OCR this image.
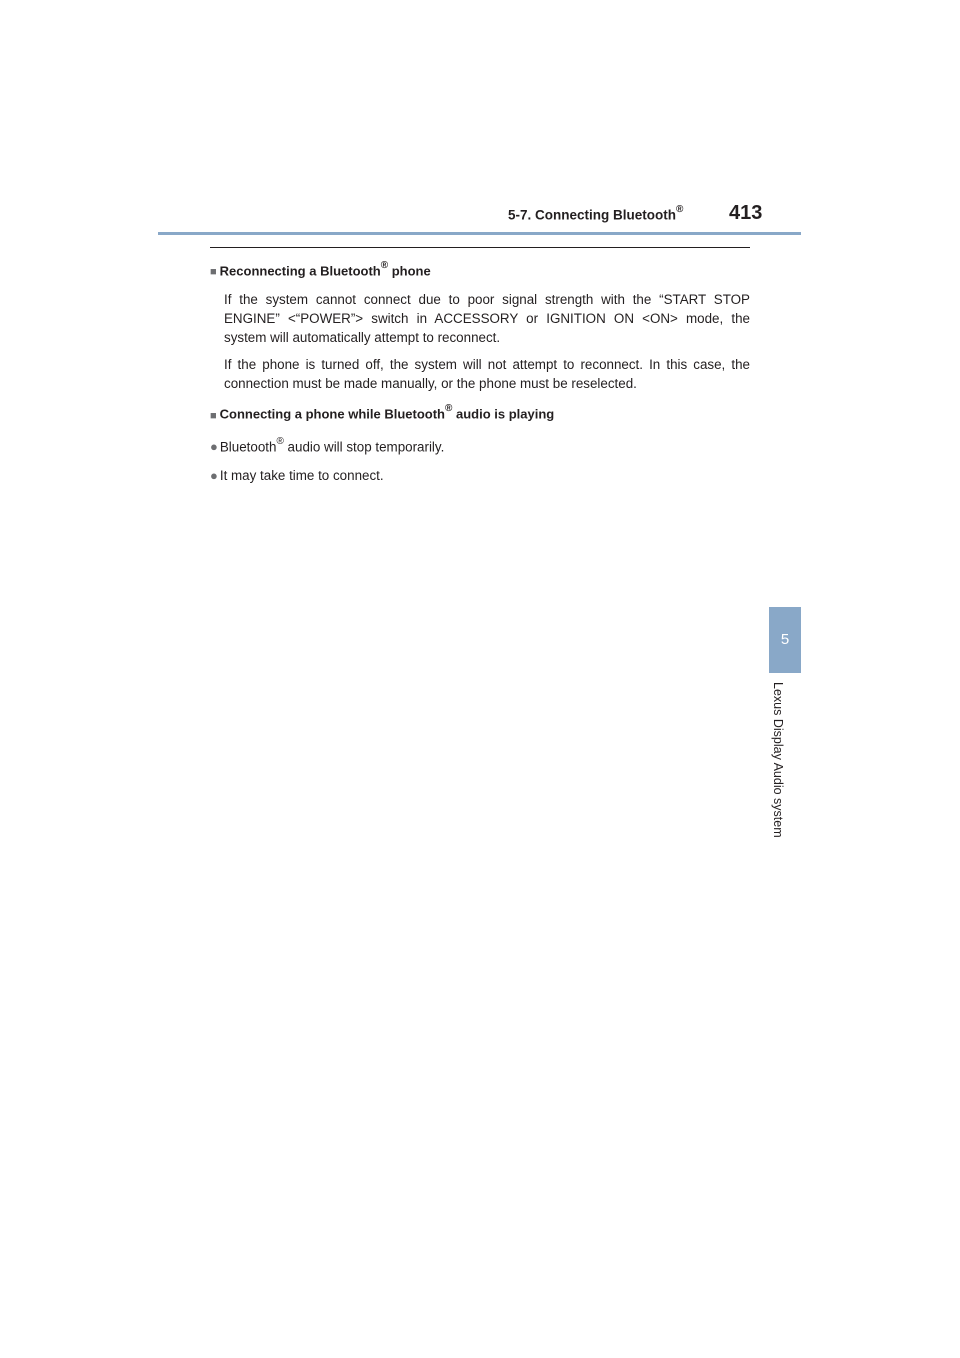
5-7. Connecting Bluetooth® 413
5
Lexus Display Audio system
■ Reconnecting a Bluetooth® phone

If the system cannot connect due to poor signal strength with the “START STOP ENGINE” <“POWER”> switch in ACCESSORY or IGNITION ON <ON> mode, the system will automatically attempt to reconnect.

If the phone is turned off, the system will not attempt to reconnect. In this case, the connection must be made manually, or the phone must be reselected.

■ Connecting a phone while Bluetooth® audio is playing
● Bluetooth® audio will stop temporarily.
● It may take time to connect.
